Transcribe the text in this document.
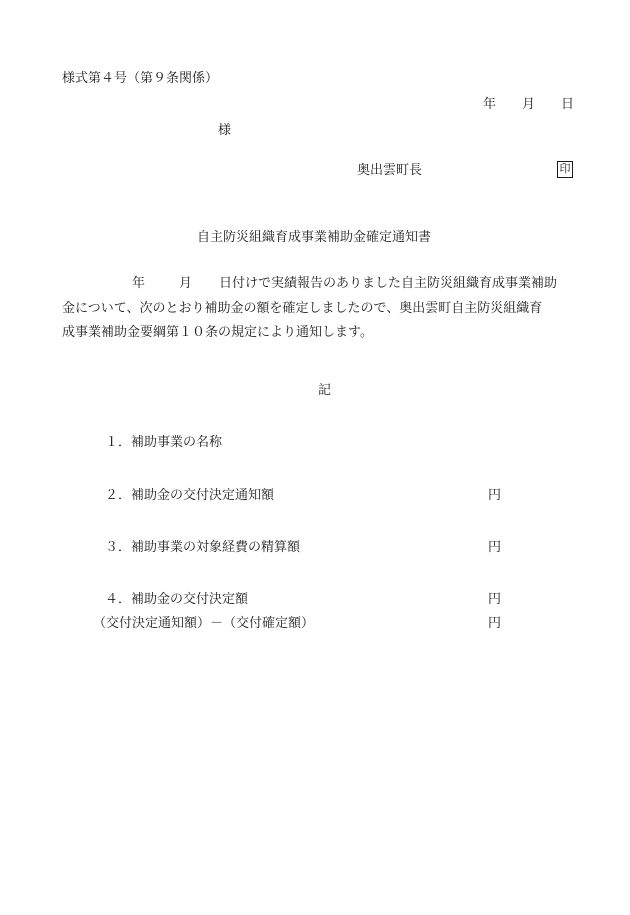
様式第４号（第９条関係）
年 月 日
様
奥出雲町長	印
自主防災組織育成事業補助金確定通知書
年	月 日付けで実績報告のありました自主防災組織育成事業補助
金について、次のとおり補助金の額を確定しましたので、奥出雲町自主防災組織育
成事業補助金要綱第１０条の規定により通知します。
記
１．補助事業の名称
２．補助金の交付決定通知額	円
３．補助事業の対象経費の精算額	円
４．補助金の交付決定額	円
（交付決定通知額）－（交付確定額）	円
